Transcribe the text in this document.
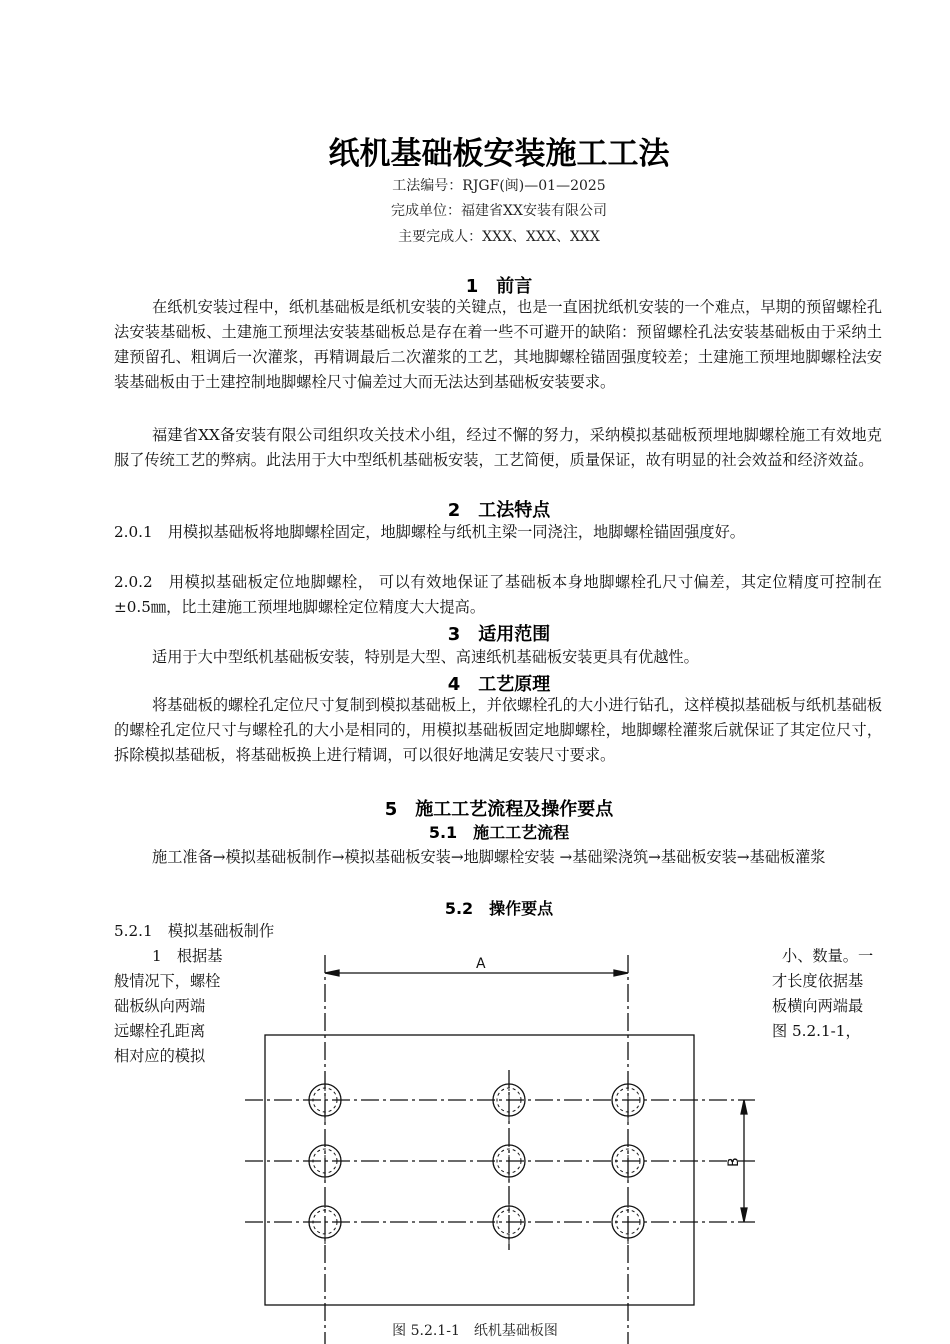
纸机基础板安装施工工法
工法编号：RJGF(闽)—01—2025
完成单位：福建省XX安装有限公司
主要完成人：XXX、XXX、XXX
1　前言
在纸机安装过程中，纸机基础板是纸机安装的关键点，也是一直困扰纸机安装的一个难点，早期的预留螺栓孔法安装基础板、土建施工预埋法安装基础板总是存在着一些不可避开的缺陷：预留螺栓孔法安装基础板由于采纳土建预留孔、粗调后一次灌浆，再精调最后二次灌浆的工艺，其地脚螺栓锚固强度较差；土建施工预埋地脚螺栓法安装基础板由于土建控制地脚螺栓尺寸偏差过大而无法达到基础板安装要求。
福建省XX备安装有限公司组织攻关技术小组，经过不懈的努力，采纳模拟基础板预埋地脚螺栓施工有效地克服了传统工艺的弊病。此法用于大中型纸机基础板安装，工艺简便，质量保证，故有明显的社会效益和经济效益。
2　工法特点
2.0.1　用模拟基础板将地脚螺栓固定，地脚螺栓与纸机主梁一同浇注，地脚螺栓锚固强度好。
2.0.2　用模拟基础板定位地脚螺栓， 可以有效地保证了基础板本身地脚螺栓孔尺寸偏差，其定位精度可控制在±0.5㎜，比土建施工预埋地脚螺栓定位精度大大提高。
3　适用范围
适用于大中型纸机基础板安装，特别是大型、高速纸机基础板安装更具有优越性。
4　工艺原理
将基础板的螺栓孔定位尺寸复制到模拟基础板上，并依螺栓孔的大小进行钻孔，这样模拟基础板与纸机基础板的螺栓孔定位尺寸与螺栓孔的大小是相同的，用模拟基础板固定地脚螺栓，地脚螺栓灌浆后就保证了其定位尺寸，拆除模拟基础板，将基础板换上进行精调，可以很好地满足安装尺寸要求。
5　施工工艺流程及操作要点
5.1　施工工艺流程
施工准备→模拟基础板制作→模拟基础板安装→地脚螺栓安装 →基础梁浇筑→基础板安装→基础板灌浆
5.2　操作要点
5.2.1　模拟基础板制作
1　根据基	小、数量。一
般情况下，螺栓	才长度依据基
础板纵向两端	板横向两端最
远螺栓孔距离	图 5.2.1-1，
相对应的模拟
A
B
图 5.2.1-1　纸机基础板图
